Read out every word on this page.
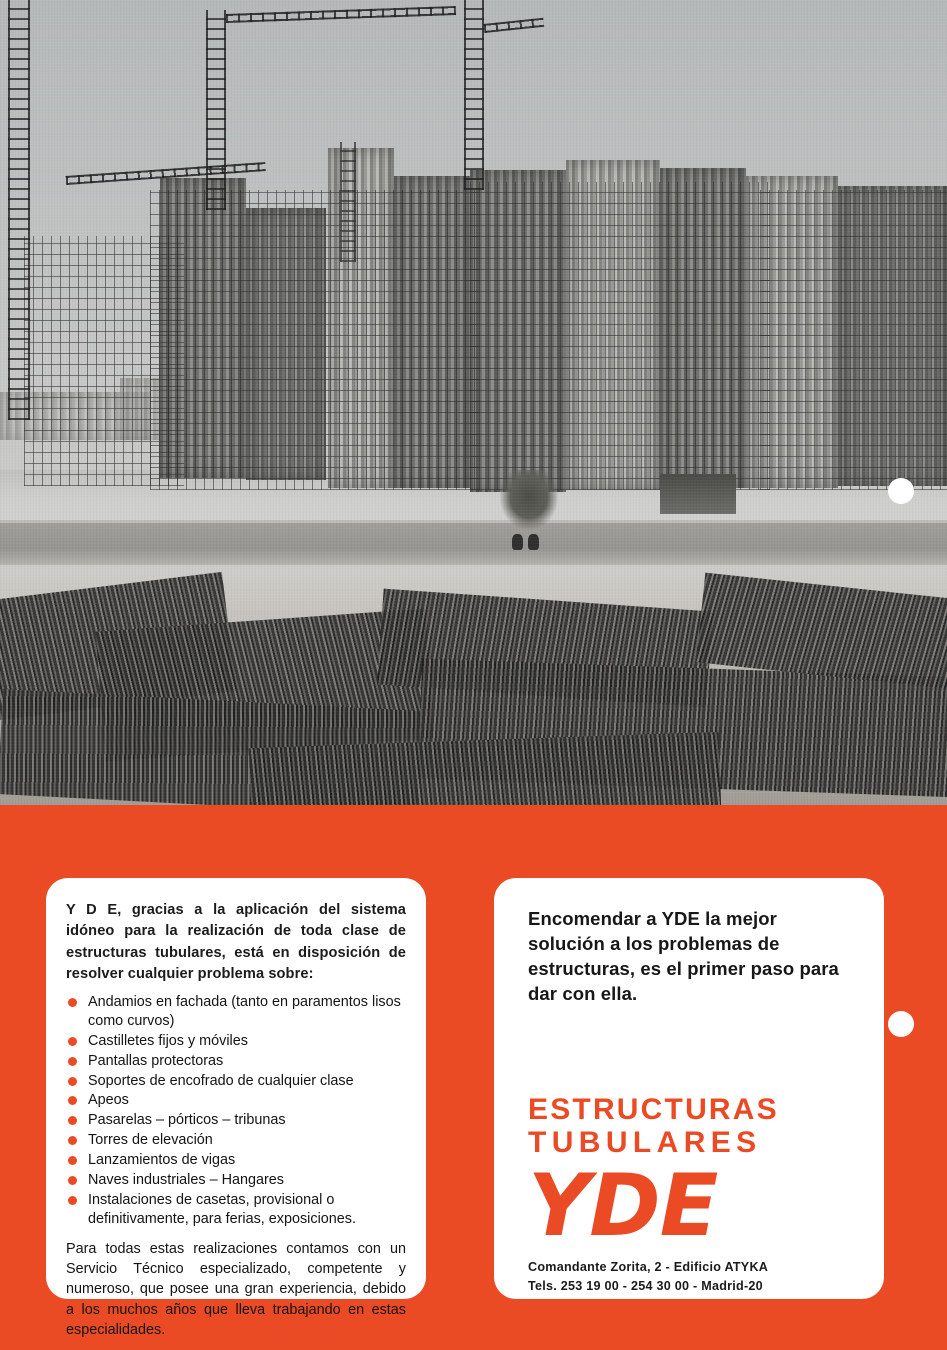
Y D E, gracias a la aplicación del sistema idóneo para la realización de toda clase de estructuras tubulares, está en disposición de resolver cualquier problema sobre:

Andamios en fachada (tanto en paramentos lisos como curvos)
Castilletes fijos y móviles
Pantallas protectoras
Soportes de encofrado de cualquier clase
Apeos
Pasarelas – pórticos – tribunas
Torres de elevación
Lanzamientos de vigas
Naves industriales – Hangares
Instalaciones de casetas, provisional o definitivamente, para ferias, exposiciones.

Para todas estas realizaciones contamos con un Servicio Técnico especializado, competente y numeroso, que posee una gran experiencia, debido a los muchos años que lleva trabajando en estas especialidades.

Encomendar a YDE la mejor solución a los problemas de estructuras, es el primer paso para dar con ella.

ESTRUCTURAS

TUBULARES

YDE

Comandante Zorita, 2 - Edificio ATYKA

Tels. 253 19 00 - 254 30 00 - Madrid-20
